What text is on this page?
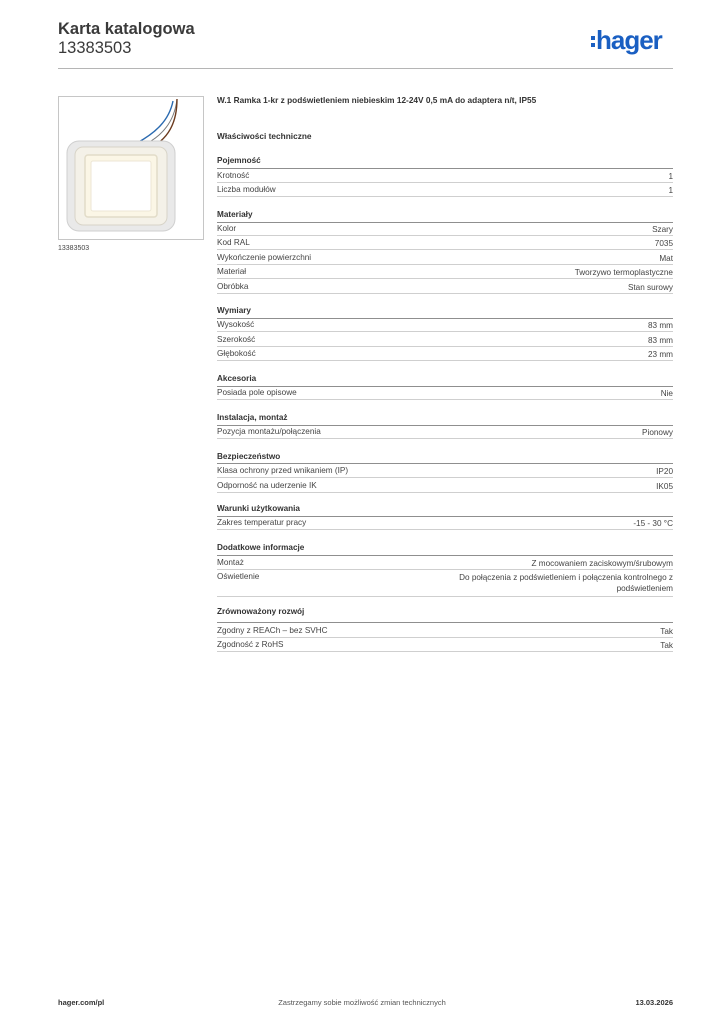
Karta katalogowa
13383503	hager
13383503
W.1 Ramka 1-kr z podświetleniem niebieskim 12-24V 0,5 mA do adaptera n/t, IP55
Właściwości techniczne
Pojemność
Krotność	1
Liczba modułów	1
Materiały
Kolor	Szary
Kod RAL	7035
Wykończenie powierzchni	Mat
Materiał	Tworzywo termoplastyczne
Obróbka	Stan surowy
Wymiary
Wysokość	83 mm
Szerokość	83 mm
Głębokość	23 mm
Akcesoria
Posiada pole opisowe	Nie
Instalacja, montaż
Pozycja montażu/połączenia	Pionowy
Bezpieczeństwo
Klasa ochrony przed wnikaniem (IP)	IP20
Odporność na uderzenie IK	IK05
Warunki użytkowania
Zakres temperatur pracy	-15 - 30 °C
Dodatkowe informacje
Montaż	Z mocowaniem zaciskowym/śrubowym
Oświetlenie	Do połączenia z podświetleniem i połączenia kontrolnego z
podświetleniem
Zrównoważony rozwój
Zgodny z REACh – bez SVHC	Tak
Zgodność z RoHS	Tak
Zastrzegamy sobie możliwość zmian technicznych
hager.com/pl	13.03.2026
